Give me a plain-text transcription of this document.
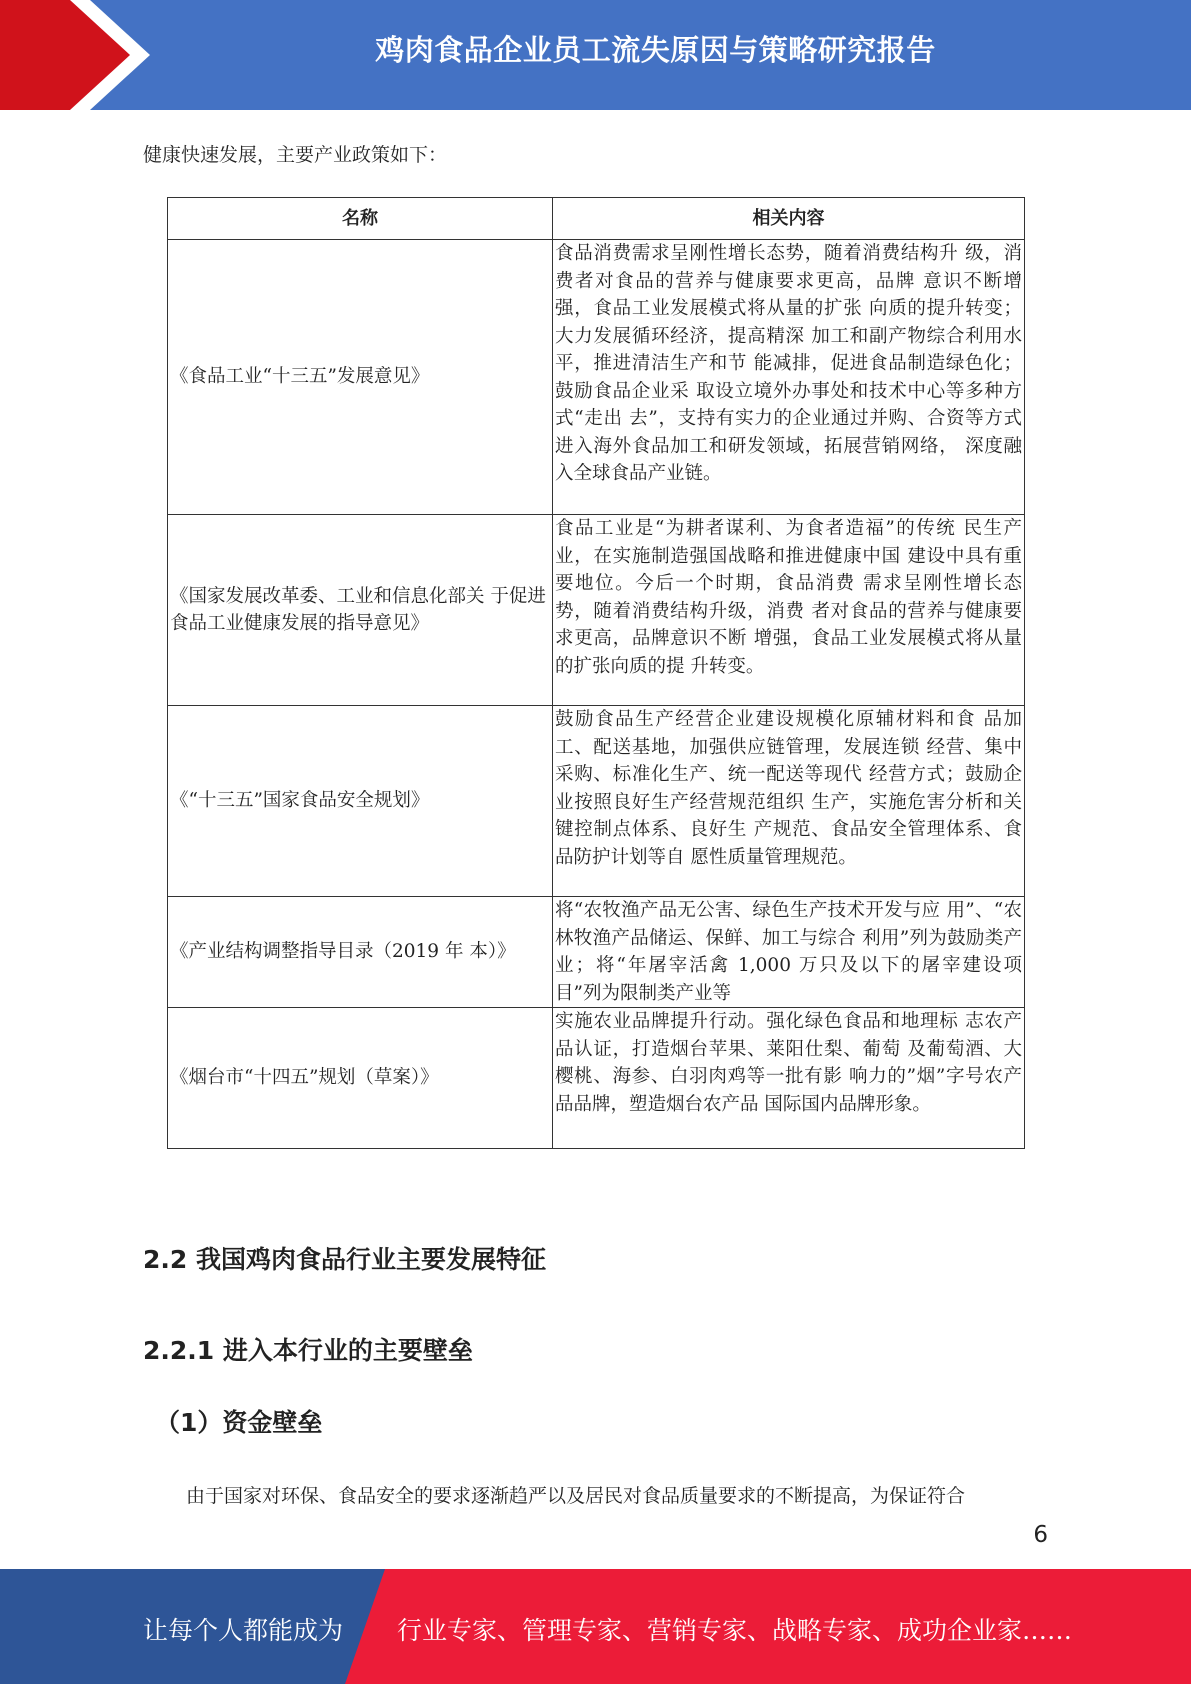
鸡肉食品企业员工流失原因与策略研究报告
健康快速发展，主要产业政策如下：
名称	相关内容
《食品工业“十三五”发展意见》	食品消费需求呈刚性增长态势，随着消费结构升 级，消费者对食品的营养与健康要求更高，品牌 意识不断增强，食品工业发展模式将从量的扩张 向质的提升转变；大力发展循环经济，提高精深 加工和副产物综合利用水平，推进清洁生产和节 能减排，促进食品制造绿色化；鼓励食品企业采 取设立境外办事处和技术中心等多种方式“走出 去”，支持有实力的企业通过并购、合资等方式 进入海外食品加工和研发领域，拓展营销网络， 深度融入全球食品产业链。
《国家发展改革委、工业和信息化部关 于促进食品工业健康发展的指导意见》	食品工业是“为耕者谋利、为食者造福”的传统 民生产业，在实施制造强国战略和推进健康中国 建设中具有重要地位。今后一个时期，食品消费 需求呈刚性增长态势，随着消费结构升级，消费 者对食品的营养与健康要求更高，品牌意识不断 增强，食品工业发展模式将从量的扩张向质的提 升转变。
《“十三五”国家食品安全规划》	鼓励食品生产经营企业建设规模化原辅材料和食 品加工、配送基地，加强供应链管理，发展连锁 经营、集中采购、标准化生产、统一配送等现代 经营方式；鼓励企业按照良好生产经营规范组织 生产，实施危害分析和关键控制点体系、良好生 产规范、食品安全管理体系、食品防护计划等自 愿性质量管理规范。
《产业结构调整指导目录（2019 年 本）》	将“农牧渔产品无公害、绿色生产技术开发与应 用”、“农林牧渔产品储运、保鲜、加工与综合 利用”列为鼓励类产业；将“年屠宰活禽 1,000 万只及以下的屠宰建设项目”列为限制类产业等
《烟台市“十四五”规划（草案）》	实施农业品牌提升行动。强化绿色食品和地理标 志农产品认证，打造烟台苹果、莱阳仕梨、葡萄 及葡萄酒、大樱桃、海参、白羽肉鸡等一批有影 响力的”烟”字号农产品品牌，塑造烟台农产品 国际国内品牌形象。
2.2 我国鸡肉食品行业主要发展特征
2.2.1 进入本行业的主要壁垒
（1）资金壁垒
由于国家对环保、食品安全的要求逐渐趋严以及居民对食品质量要求的不断提高，为保证符合
6
让每个人都能成为 行业专家、管理专家、营销专家、战略专家、成功企业家……
